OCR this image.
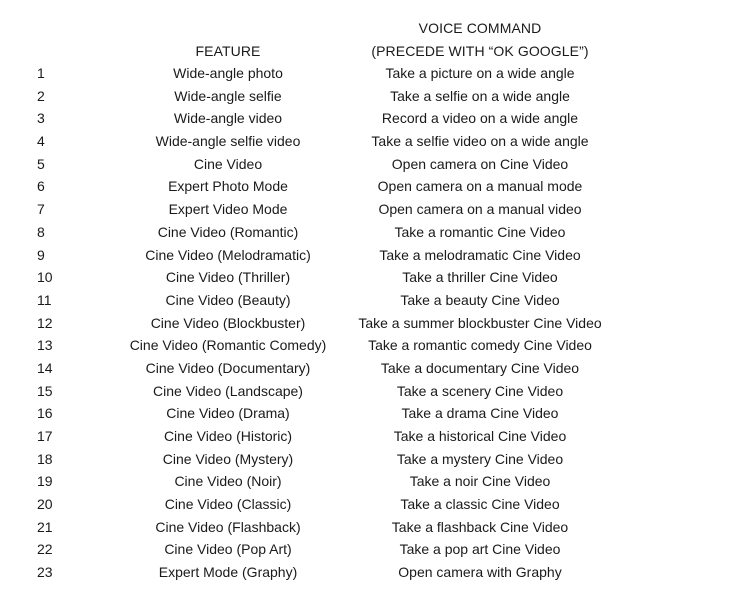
FEATURE
VOICE COMMAND
(PRECEDE WITH “OK GOOGLE”)
1	Wide-angle photo	Take a picture on a wide angle
2	Wide-angle selfie	Take a selfie on a wide angle
3	Wide-angle video	Record a video on a wide angle
4	Wide-angle selfie video	Take a selfie video on a wide angle
5	Cine Video	Open camera on Cine Video
6	Expert Photo Mode	Open camera on a manual mode
7	Expert Video Mode	Open camera on a manual video
8	Cine Video (Romantic)	Take a romantic Cine Video
9	Cine Video (Melodramatic)	Take a melodramatic Cine Video
10	Cine Video (Thriller)	Take a thriller Cine Video
11	Cine Video (Beauty)	Take a beauty Cine Video
12	Cine Video (Blockbuster)	Take a summer blockbuster Cine Video
13	Cine Video (Romantic Comedy)	Take a romantic comedy Cine Video
14	Cine Video (Documentary)	Take a documentary Cine Video
15	Cine Video (Landscape)	Take a scenery Cine Video
16	Cine Video (Drama)	Take a drama Cine Video
17	Cine Video (Historic)	Take a historical Cine Video
18	Cine Video (Mystery)	Take a mystery Cine Video
19	Cine Video (Noir)	Take a noir Cine Video
20	Cine Video (Classic)	Take a classic Cine Video
21	Cine Video (Flashback)	Take a flashback Cine Video
22	Cine Video (Pop Art)	Take a pop art Cine Video
23	Expert Mode (Graphy)	Open camera with Graphy
